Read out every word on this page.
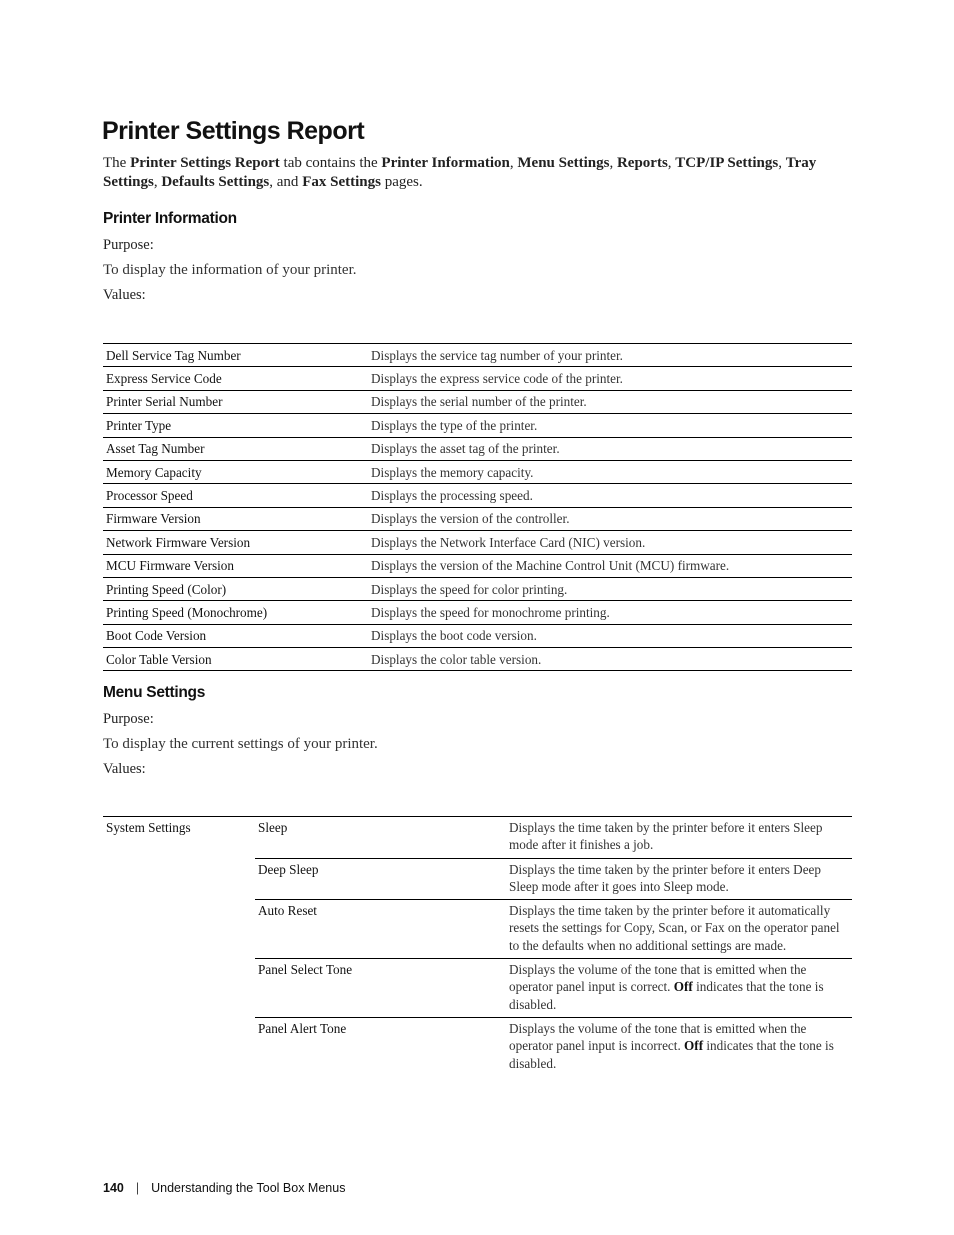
Printer Settings Report

The Printer Settings Report tab contains the Printer Information, Menu Settings, Reports, TCP/IP Settings, Tray Settings, Defaults Settings, and Fax Settings pages.

Printer Information

Purpose:

To display the information of your printer.

Values:

Dell Service Tag Number	Displays the service tag number of your printer.
Express Service Code	Displays the express service code of the printer.
Printer Serial Number	Displays the serial number of the printer.
Printer Type	Displays the type of the printer.
Asset Tag Number	Displays the asset tag of the printer.
Memory Capacity	Displays the memory capacity.
Processor Speed	Displays the processing speed.
Firmware Version	Displays the version of the controller.
Network Firmware Version	Displays the Network Interface Card (NIC) version.
MCU Firmware Version	Displays the version of the Machine Control Unit (MCU) firmware.
Printing Speed (Color)	Displays the speed for color printing.
Printing Speed (Monochrome)	Displays the speed for monochrome printing.
Boot Code Version	Displays the boot code version.
Color Table Version	Displays the color table version.
Menu Settings

Purpose:

To display the current settings of your printer.

Values:

System Settings	Sleep	Displays the time taken by the printer before it enters Sleep mode after it finishes a job.
	Deep Sleep	Displays the time taken by the printer before it enters Deep Sleep mode after it goes into Sleep mode.
	Auto Reset	Displays the time taken by the printer before it automatically resets the settings for Copy, Scan, or Fax on the operator panel to the defaults when no additional settings are made.
	Panel Select Tone	Displays the volume of the tone that is emitted when the operator panel input is correct. Off indicates that the tone is disabled.
	Panel Alert Tone	Displays the volume of the tone that is emitted when the operator panel input is incorrect. Off indicates that the tone is disabled.
140 | Understanding the Tool Box Menus
